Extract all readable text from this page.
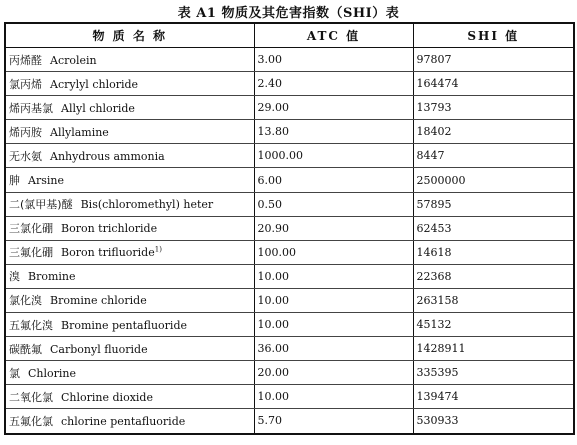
表 A1 物质及其危害指数（SHI）表
物 质 名 称	ATC 值	SHI 值
丙烯醛 Acrolein	3.00	97807
氯丙烯 Acrylyl chloride	2.40	164474
烯丙基氯 Allyl chloride	29.00	13793
烯丙胺 Allylamine	13.80	18402
无水氨 Anhydrous ammonia	1000.00	8447
胂 Arsine	6.00	2500000
二(氯甲基)醚 Bis(chloromethyl) heter	0.50	57895
三氯化硼 Boron trichloride	20.90	62453
三氟化硼 Boron trifluoride$^{1)}$	100.00	14618
溴 Bromine	10.00	22368
氯化溴 Bromine chloride	10.00	263158
五氟化溴 Bromine pentafluoride	10.00	45132
碳酰氟 Carbonyl fluoride	36.00	1428911
氯 Chlorine	20.00	335395
二氧化氯 Chlorine dioxide	10.00	139474
五氟化氯 chlorine pentafluoride	5.70	530933
